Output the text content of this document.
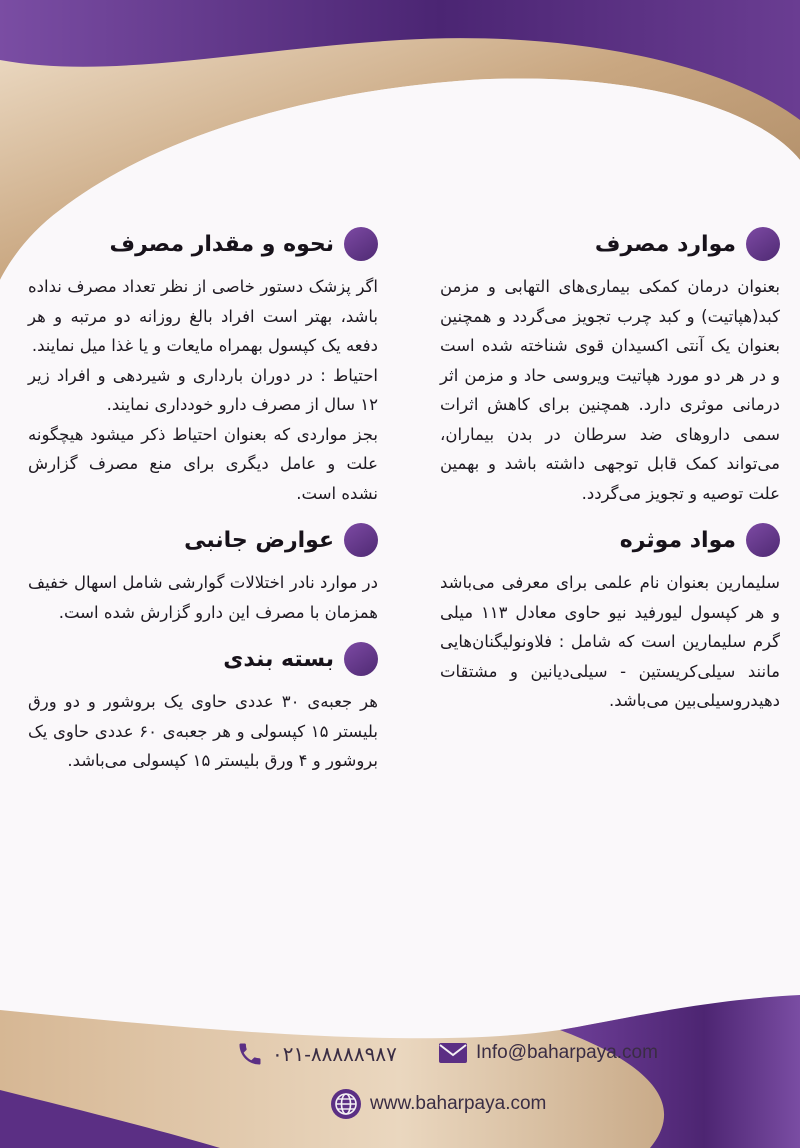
موارد مصرف
بعنوان درمان کمکی بیماری‌های التهابی و مزمن کبد(هپاتیت) و کبد چرب تجویز می‌گردد و همچنین بعنوان یک آنتی اکسیدان قوی شناخته شده است و در هر دو مورد هپاتیت ویروسی حاد و مزمن اثر درمانی موثری دارد. همچنین برای کاهش اثرات سمی داروهای ضد سرطان در بدن بیماران، می‌تواند کمک قابل توجهی داشته باشد و بهمین علت توصیه و تجویز می‌گردد.
مواد موثره
سلیمارین بعنوان نام علمی برای معرفی می‌باشد و هر کپسول لیورفید نیو حاوی معادل ۱۱۳ میلی گرم سلیمارین است که شامل : فلاونولیگنان‌هایی مانند سیلی‌کریستین - سیلی‌دیانین و مشتقات دهیدروسیلی‌بین می‌باشد.
نحوه و مقدار مصرف

اگر پزشک دستور خاصی از نظر تعداد مصرف نداده باشد، بهتر است افراد بالغ روزانه دو مرتبه و هر دفعه یک کپسول بهمراه مایعات و یا غذا میل نمایند.

احتیاط : در دوران بارداری و شیردهی و افراد زیر ۱۲ سال از مصرف دارو خودداری نمایند.

بجز مواردی که بعنوان احتیاط ذکر میشود هیچگونه علت و عامل دیگری برای منع مصرف گزارش نشده است.

عوارض جانبی
در موارد نادر اختلالات گوارشی شامل اسهال خفیف همزمان با مصرف این دارو گزارش شده است.
بسته بندی
هر جعبه‌ی ۳۰ عددی حاوی یک بروشور و دو ورق بلیستر ۱۵ کپسولی و هر جعبه‌ی ۶۰ عددی حاوی یک بروشور و ۴ ورق بلیستر ۱۵ کپسولی می‌باشد.
۰۲۱-۸۸۸۸۸۹۸۷	Info@baharpaya.com
www.baharpaya.com
